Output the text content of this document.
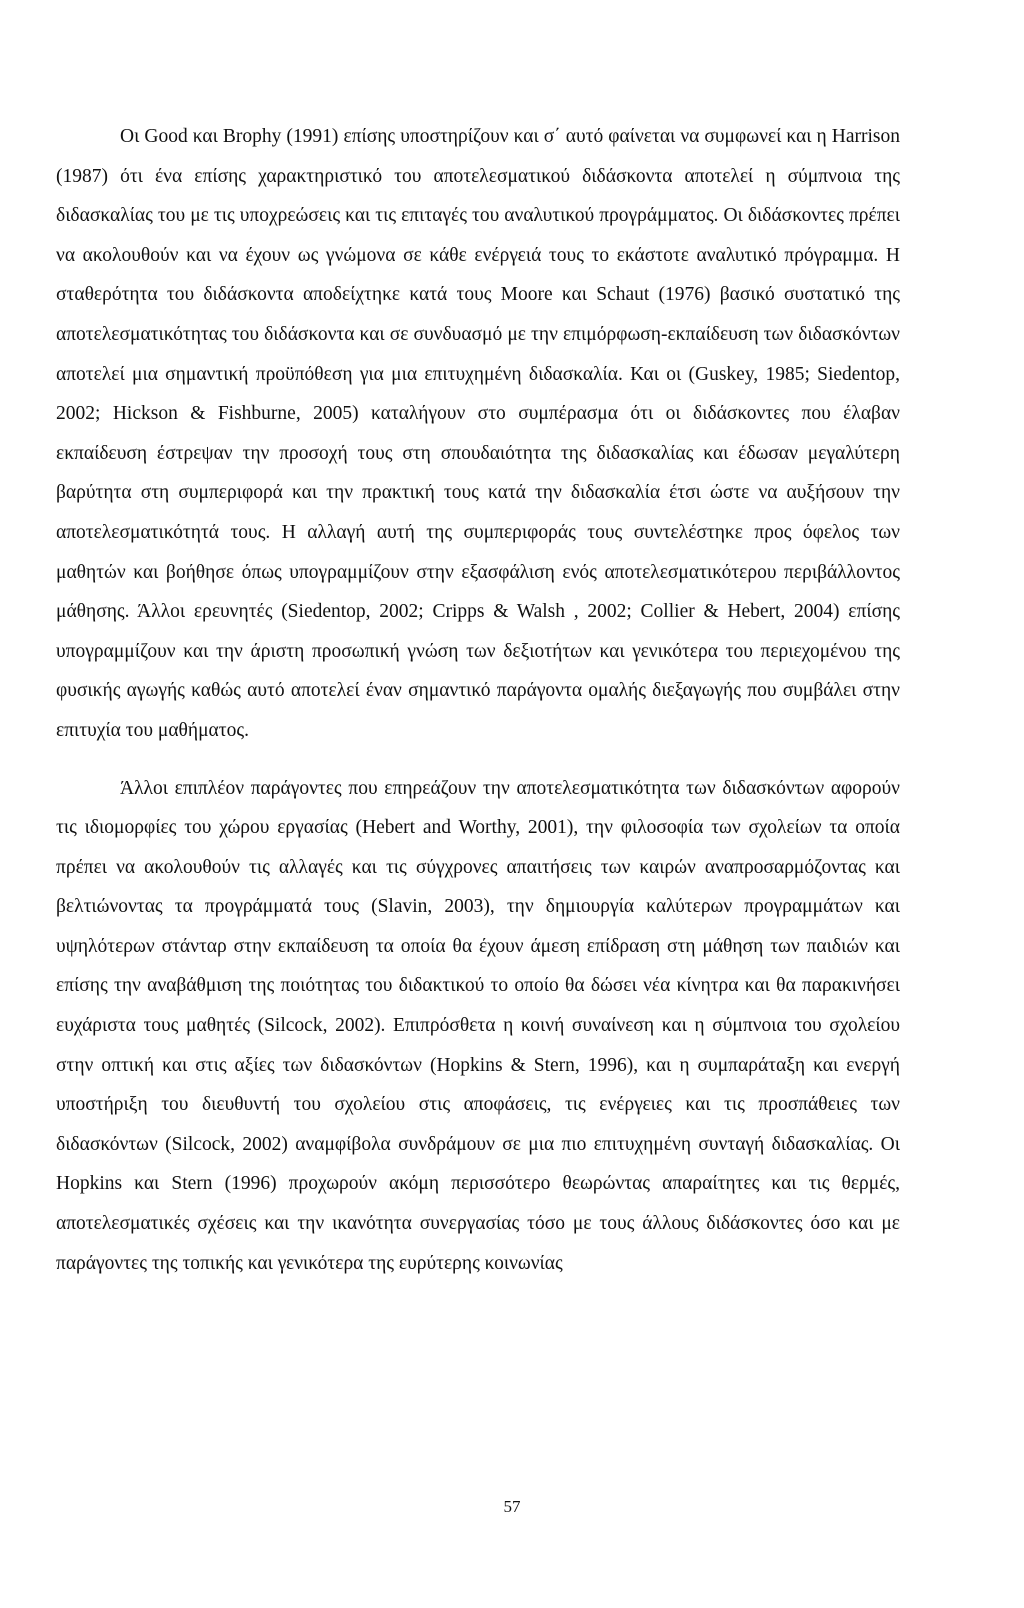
Οι Good και Brophy (1991) επίσης υποστηρίζουν και σ΄ αυτό φαίνεται να συμφωνεί και η Harrison (1987) ότι ένα επίσης χαρακτηριστικό του αποτελεσματικού διδάσκοντα αποτελεί η σύμπνοια της διδασκαλίας του με τις υποχρεώσεις και τις επιταγές του αναλυτικού προγράμματος. Οι διδάσκοντες πρέπει να ακολουθούν και να έχουν ως γνώμονα σε κάθε ενέργειά τους το εκάστοτε αναλυτικό πρόγραμμα. Η σταθερότητα του διδάσκοντα αποδείχτηκε κατά τους Moore και Schaut (1976) βασικό συστατικό της αποτελεσματικότητας του διδάσκοντα και σε συνδυασμό με την επιμόρφωση-εκπαίδευση των διδασκόντων αποτελεί μια σημαντική προϋπόθεση για μια επιτυχημένη διδασκαλία. Και οι (Guskey, 1985; Siedentop, 2002; Hickson & Fishburne, 2005) καταλήγουν στο συμπέρασμα ότι οι διδάσκοντες που έλαβαν εκπαίδευση έστρεψαν την προσοχή τους στη σπουδαιότητα της διδασκαλίας και έδωσαν μεγαλύτερη βαρύτητα στη συμπεριφορά και την πρακτική τους κατά την διδασκαλία έτσι ώστε να αυξήσουν την αποτελεσματικότητά τους. Η αλλαγή αυτή της συμπεριφοράς τους συντελέστηκε προς όφελος των μαθητών και βοήθησε όπως υπογραμμίζουν στην εξασφάλιση ενός αποτελεσματικότερου περιβάλλοντος μάθησης. Άλλοι ερευνητές (Siedentop, 2002; Cripps & Walsh , 2002; Collier & Hebert, 2004) επίσης υπογραμμίζουν και την άριστη προσωπική γνώση των δεξιοτήτων και γενικότερα του περιεχομένου της φυσικής αγωγής καθώς αυτό αποτελεί έναν σημαντικό παράγοντα ομαλής διεξαγωγής που συμβάλει στην επιτυχία του μαθήματος.

Άλλοι επιπλέον παράγοντες που επηρεάζουν την αποτελεσματικότητα των διδασκόντων αφορούν τις ιδιομορφίες του χώρου εργασίας (Hebert and Worthy, 2001), την φιλοσοφία των σχολείων τα οποία πρέπει να ακολουθούν τις αλλαγές και τις σύγχρονες απαιτήσεις των καιρών αναπροσαρμόζοντας και βελτιώνοντας τα προγράμματά τους (Slavin, 2003), την δημιουργία καλύτερων προγραμμάτων και υψηλότερων στάνταρ στην εκπαίδευση τα οποία θα έχουν άμεση επίδραση στη μάθηση των παιδιών και επίσης την αναβάθμιση της ποιότητας του διδακτικού το οποίο θα δώσει νέα κίνητρα και θα παρακινήσει ευχάριστα τους μαθητές (Silcock, 2002). Επιπρόσθετα η κοινή συναίνεση και η σύμπνοια του σχολείου στην οπτική και στις αξίες των διδασκόντων (Hopkins & Stern, 1996), και η συμπαράταξη και ενεργή υποστήριξη του διευθυντή του σχολείου στις αποφάσεις, τις ενέργειες και τις προσπάθειες των διδασκόντων (Silcock, 2002) αναμφίβολα συνδράμουν σε μια πιο επιτυχημένη συνταγή διδασκαλίας. Οι Hopkins και Stern (1996) προχωρούν ακόμη περισσότερο θεωρώντας απαραίτητες και τις θερμές, αποτελεσματικές σχέσεις και την ικανότητα συνεργασίας τόσο με τους άλλους διδάσκοντες όσο και με παράγοντες της τοπικής και γενικότερα της ευρύτερης κοινωνίας

57
